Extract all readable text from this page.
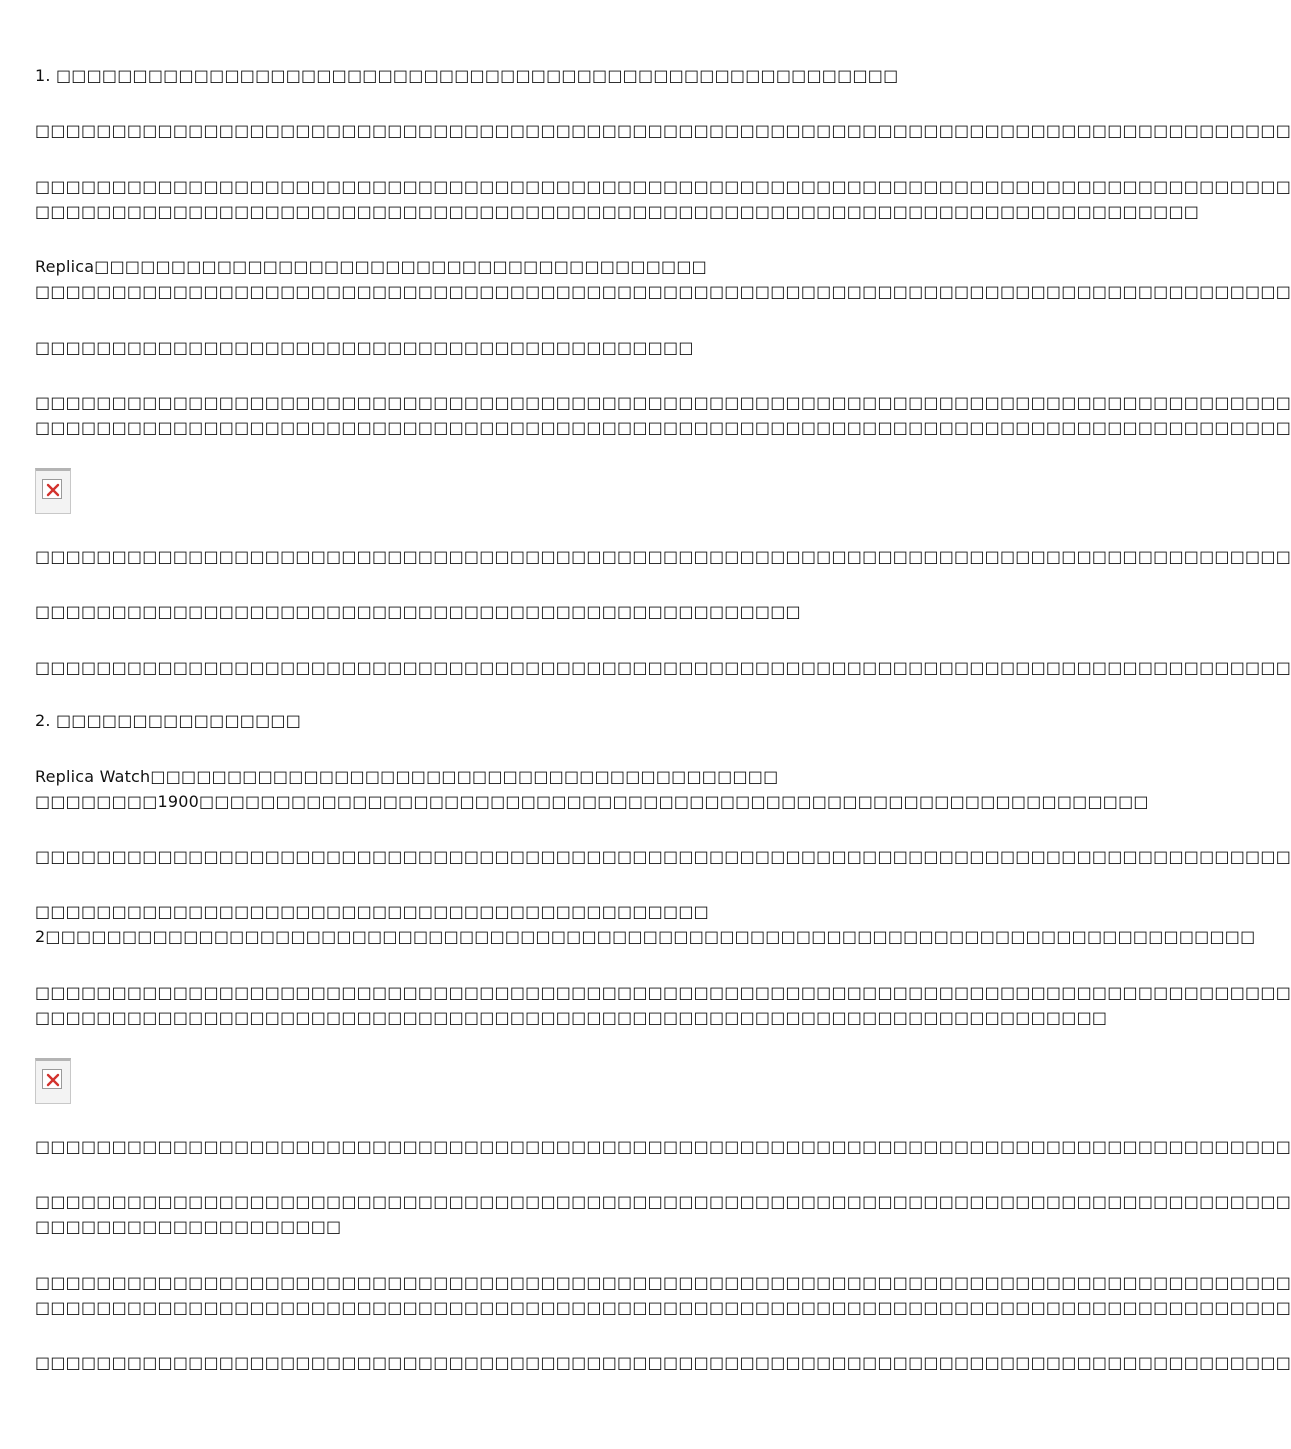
1. □□□□□□□□□□□□□□□□□□□□□□□□□□□□□□□□□□□□□□□□□□□□□□□□□□□□□□□
□□□□□□□□□□□□□□□□□□□□□□□□□□□□□□□□□□□□□□□□□□□□□□□□□□□□□□□□□□□□□□□□□□□□□□□□□□□□□□□□□□
□□□□□□□□□□□□□□□□□□□□□□□□□□□□□□□□□□□□□□□□□□□□□□□□□□□□□□□□□□□□□□□□□□□□□□□□□□□□□□□□□□
□□□□□□□□□□□□□□□□□□□□□□□□□□□□□□□□□□□□□□□□□□□□□□□□□□□□□□□□□□□□□□□□□□□□□□□□□□□□
Replica□□□□□□□□□□□□□□□□□□□□□□□□□□□□□□□□□□□□□□□□
□□□□□□□□□□□□□□□□□□□□□□□□□□□□□□□□□□□□□□□□□□□□□□□□□□□□□□□□□□□□□□□□□□□□□□□□□□□□□□□□□□
□□□□□□□□□□□□□□□□□□□□□□□□□□□□□□□□□□□□□□□□□□□
□□□□□□□□□□□□□□□□□□□□□□□□□□□□□□□□□□□□□□□□□□□□□□□□□□□□□□□□□□□□□□□□□□□□□□□□□□□□□□□□□□
□□□□□□□□□□□□□□□□□□□□□□□□□□□□□□□□□□□□□□□□□□□□□□□□□□□□□□□□□□□□□□□□□□□□□□□□□□□□□□□□□□
□□□□□□□□□□□□□□□□□□□□□□□□□□□□□□□□□□□□□□□□□□□□□□□□□□□□□□□□□□□□□□□□□□□□□□□□□□□□□□□□□□
□□□□□□□□□□□□□□□□□□□□□□□□□□□□□□□□□□□□□□□□□□□□□□□□□□
□□□□□□□□□□□□□□□□□□□□□□□□□□□□□□□□□□□□□□□□□□□□□□□□□□□□□□□□□□□□□□□□□□□□□□□□□□□□□□□□□□
2. □□□□□□□□□□□□□□□□
Replica Watch□□□□□□□□□□□□□□□□□□□□□□□□□□□□□□□□□□□□□□□□□
□□□□□□□□1900□□□□□□□□□□□□□□□□□□□□□□□□□□□□□□□□□□□□□□□□□□□□□□□□□□□□□□□□□□□□□□
□□□□□□□□□□□□□□□□□□□□□□□□□□□□□□□□□□□□□□□□□□□□□□□□□□□□□□□□□□□□□□□□□□□□□□□□□□□□□□□□□□
□□□□□□□□□□□□□□□□□□□□□□□□□□□□□□□□□□□□□□□□□□□□
2□□□□□□□□□□□□□□□□□□□□□□□□□□□□□□□□□□□□□□□□□□□□□□□□□□□□□□□□□□□□□□□□□□□□□□□□□□□□□□□
□□□□□□□□□□□□□□□□□□□□□□□□□□□□□□□□□□□□□□□□□□□□□□□□□□□□□□□□□□□□□□□□□□□□□□□□□□□□□□□□□□
□□□□□□□□□□□□□□□□□□□□□□□□□□□□□□□□□□□□□□□□□□□□□□□□□□□□□□□□□□□□□□□□□□□□□□
□□□□□□□□□□□□□□□□□□□□□□□□□□□□□□□□□□□□□□□□□□□□□□□□□□□□□□□□□□□□□□□□□□□□□□□□□□□□□□□□□□
□□□□□□□□□□□□□□□□□□□□□□□□□□□□□□□□□□□□□□□□□□□□□□□□□□□□□□□□□□□□□□□□□□□□□□□□□□□□□□□□□□
□□□□□□□□□□□□□□□□□□□□
□□□□□□□□□□□□□□□□□□□□□□□□□□□□□□□□□□□□□□□□□□□□□□□□□□□□□□□□□□□□□□□□□□□□□□□□□□□□□□□□□□
□□□□□□□□□□□□□□□□□□□□□□□□□□□□□□□□□□□□□□□□□□□□□□□□□□□□□□□□□□□□□□□□□□□□□□□□□□□□□□□□□□
□□□□□□□□□□□□□□□□□□□□□□□□□□□□□□□□□□□□□□□□□□□□□□□□□□□□□□□□□□□□□□□□□□□□□□□□□□□□□□□□□□
